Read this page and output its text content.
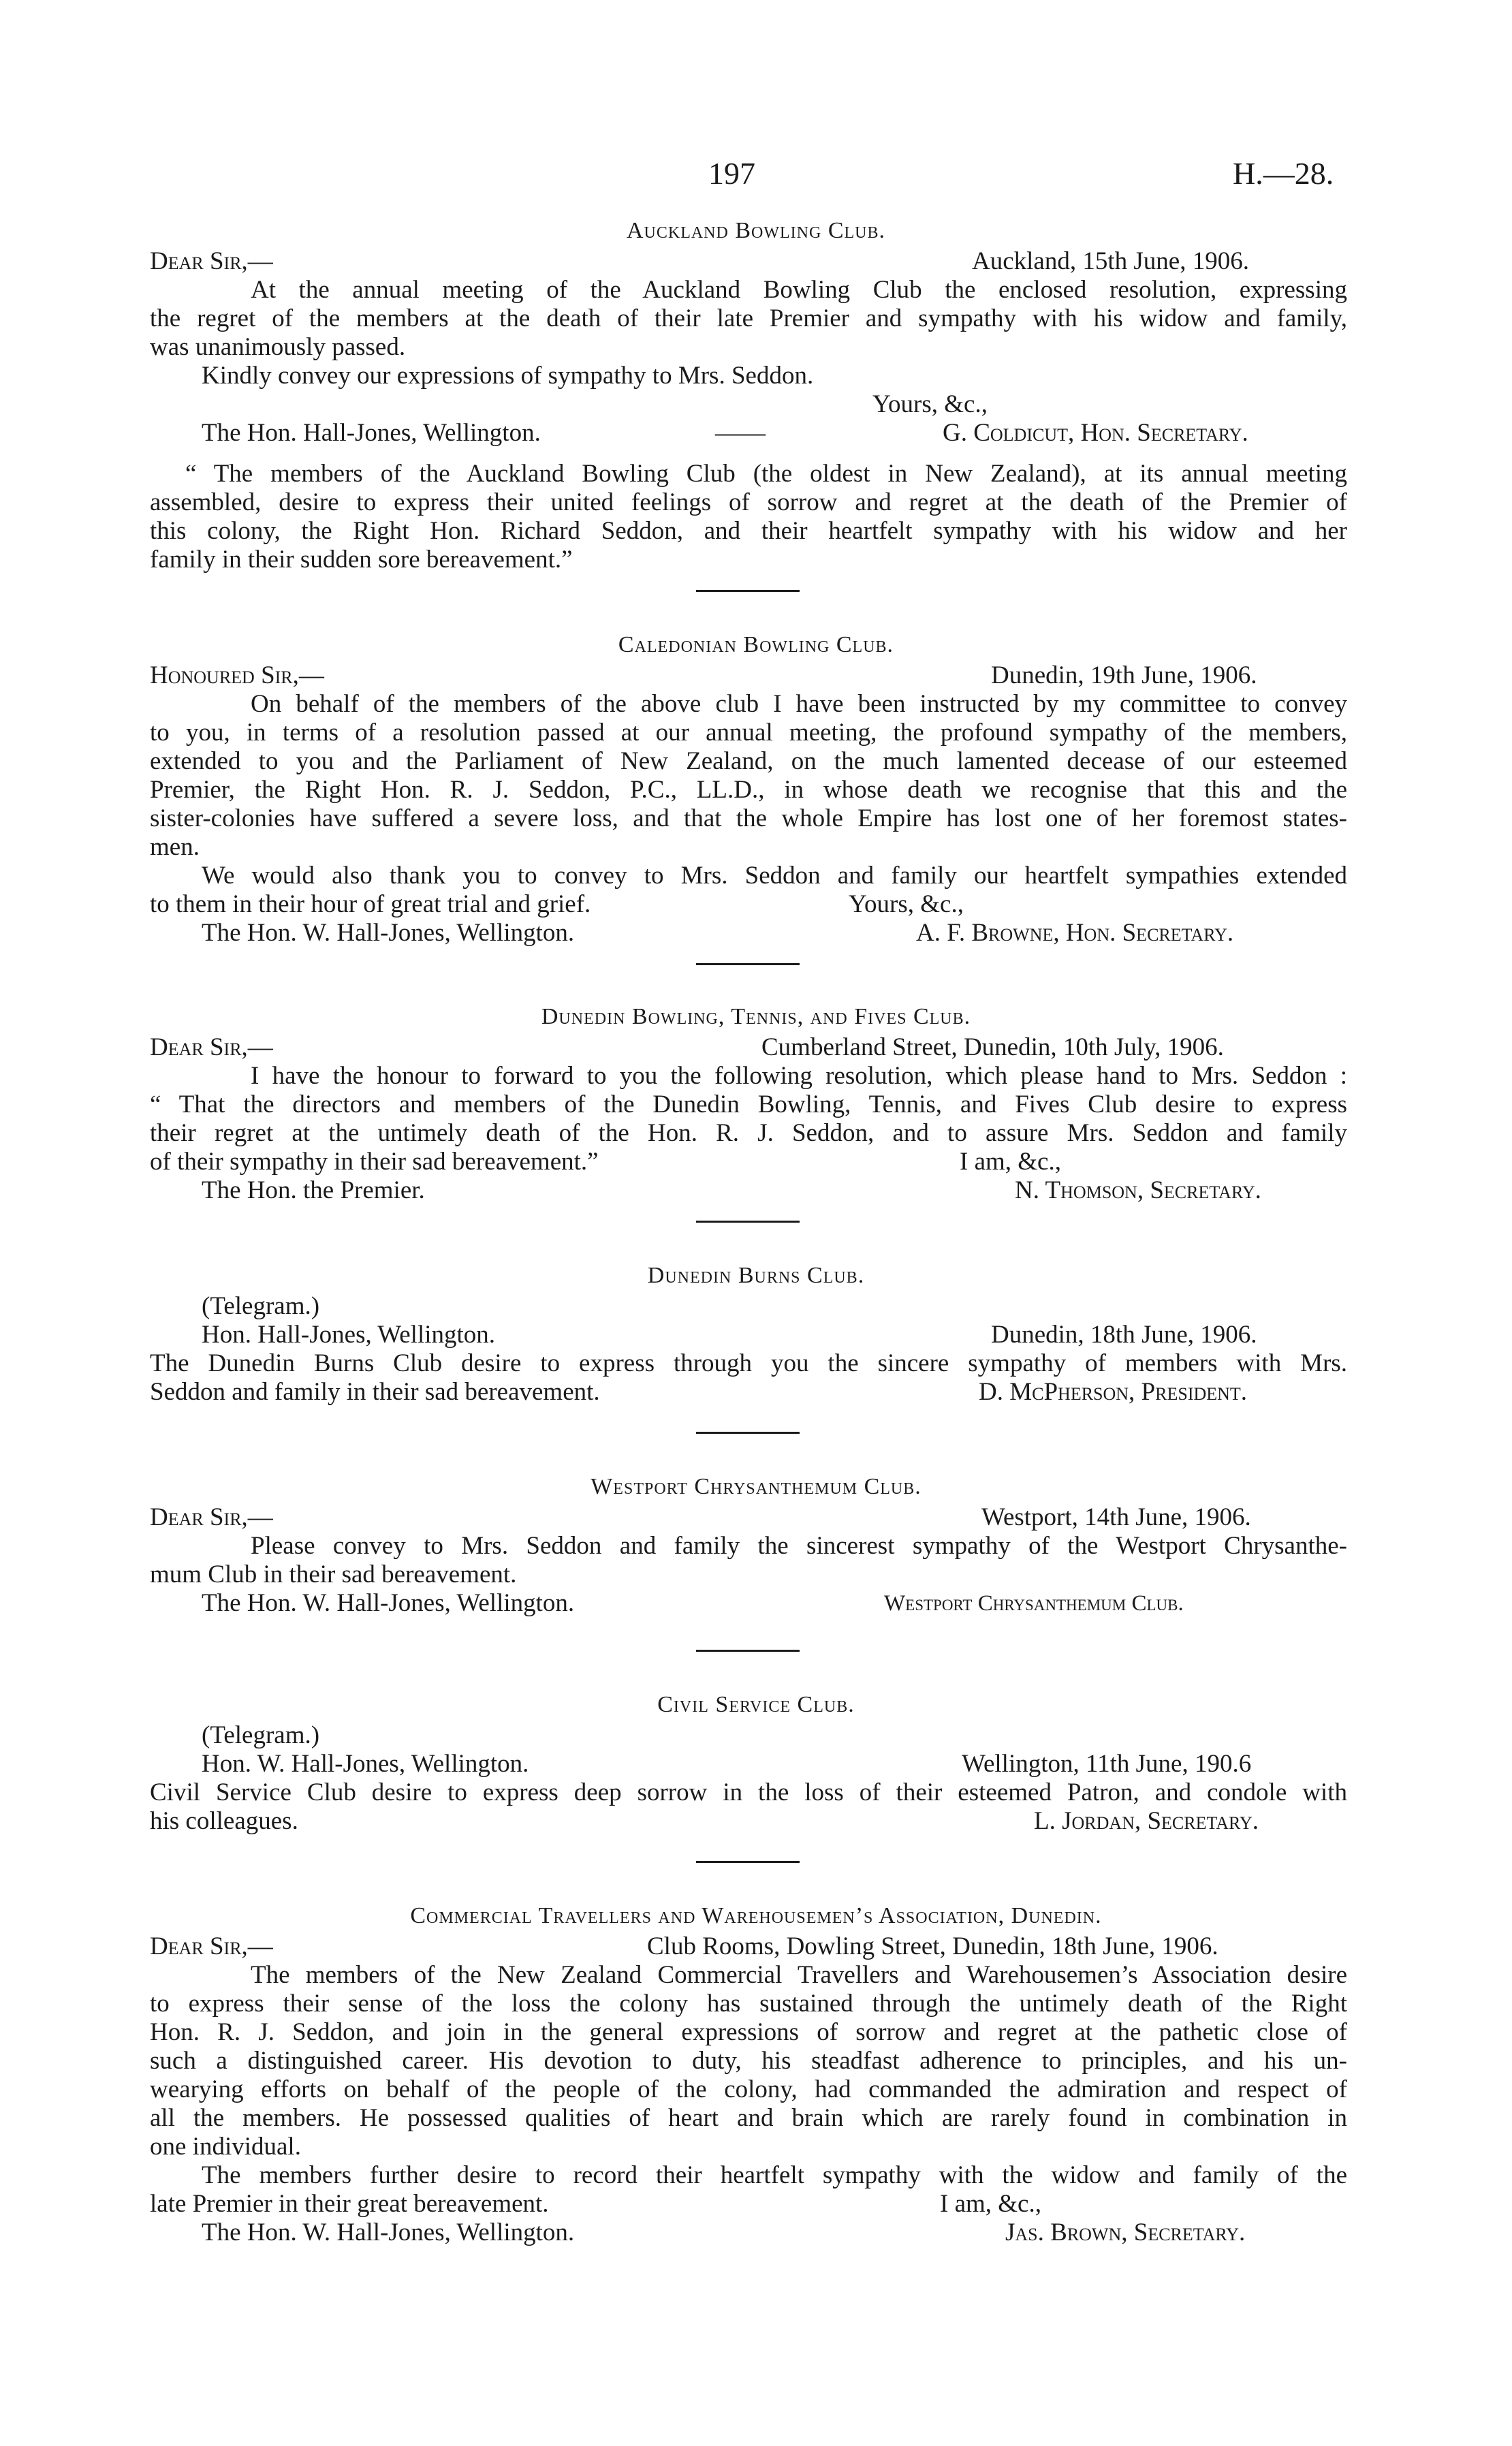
197	H.—28.
Auckland Bowling Club.
Dear Sir,—	Auckland, 15th June, 1906.
At the annual meeting of the Auckland Bowling Club the enclosed resolution, expressing
the regret of the members at the death of their late Premier and sympathy with his widow and family,
was unanimously passed.
Kindly convey our expressions of sympathy to Mrs. Seddon.
Yours, &c.,
The Hon. Hall-Jones, Wellington.	——	G. Coldicut, Hon. Secretary.
“ The members of the Auckland Bowling Club (the oldest in New Zealand), at its annual meeting
assembled, desire to express their united feelings of sorrow and regret at the death of the Premier of
this colony, the Right Hon. Richard Seddon, and their heartfelt sympathy with his widow and her
family in their sudden sore bereavement.”
Caledonian Bowling Club.
Honoured Sir,—	Dunedin, 19th June, 1906.
On behalf of the members of the above club I have been instructed by my committee to convey
to you, in terms of a resolution passed at our annual meeting, the profound sympathy of the members,
extended to you and the Parliament of New Zealand, on the much lamented decease of our esteemed
Premier, the Right Hon. R. J. Seddon, P.C., LL.D., in whose death we recognise that this and the
sister-colonies have suffered a severe loss, and that the whole Empire has lost one of her foremost states-
men.
We would also thank you to convey to Mrs. Seddon and family our heartfelt sympathies extended
to them in their hour of great trial and grief.	Yours, &c.,
The Hon. W. Hall-Jones, Wellington.	A. F. Browne, Hon. Secretary.
Dunedin Bowling, Tennis, and Fives Club.
Dear Sir,—	Cumberland Street, Dunedin, 10th July, 1906.
I have the honour to forward to you the following resolution, which please hand to Mrs. Seddon :
“ That the directors and members of the Dunedin Bowling, Tennis, and Fives Club desire to express
their regret at the untimely death of the Hon. R. J. Seddon, and to assure Mrs. Seddon and family
of their sympathy in their sad bereavement.”	I am, &c.,
The Hon. the Premier.	N. Thomson, Secretary.
Dunedin Burns Club.
(Telegram.)
Hon. Hall-Jones, Wellington.	Dunedin, 18th June, 1906.
The Dunedin Burns Club desire to express through you the sincere sympathy of members with Mrs.
Seddon and family in their sad bereavement.	D. McPherson, President.
Westport Chrysanthemum Club.
Dear Sir,—	Westport, 14th June, 1906.
Please convey to Mrs. Seddon and family the sincerest sympathy of the Westport Chrysanthe-
mum Club in their sad bereavement.
The Hon. W. Hall-Jones, Wellington.	Westport Chrysanthemum Club.
Civil Service Club.
(Telegram.)
Hon. W. Hall-Jones, Wellington.	Wellington, 11th June, 190.6
Civil Service Club desire to express deep sorrow in the loss of their esteemed Patron, and condole with
his colleagues.	L. Jordan, Secretary.
Commercial Travellers and Warehousemen’s Association, Dunedin.
Dear Sir,—	Club Rooms, Dowling Street, Dunedin, 18th June, 1906.
The members of the New Zealand Commercial Travellers and Warehousemen’s Association desire
to express their sense of the loss the colony has sustained through the untimely death of the Right
Hon. R. J. Seddon, and join in the general expressions of sorrow and regret at the pathetic close of
such a distinguished career. His devotion to duty, his steadfast adherence to principles, and his un-
wearying efforts on behalf of the people of the colony, had commanded the admiration and respect of
all the members. He possessed qualities of heart and brain which are rarely found in combination in
one individual.
The members further desire to record their heartfelt sympathy with the widow and family of the
late Premier in their great bereavement.	I am, &c.,
The Hon. W. Hall-Jones, Wellington.	Jas. Brown, Secretary.
